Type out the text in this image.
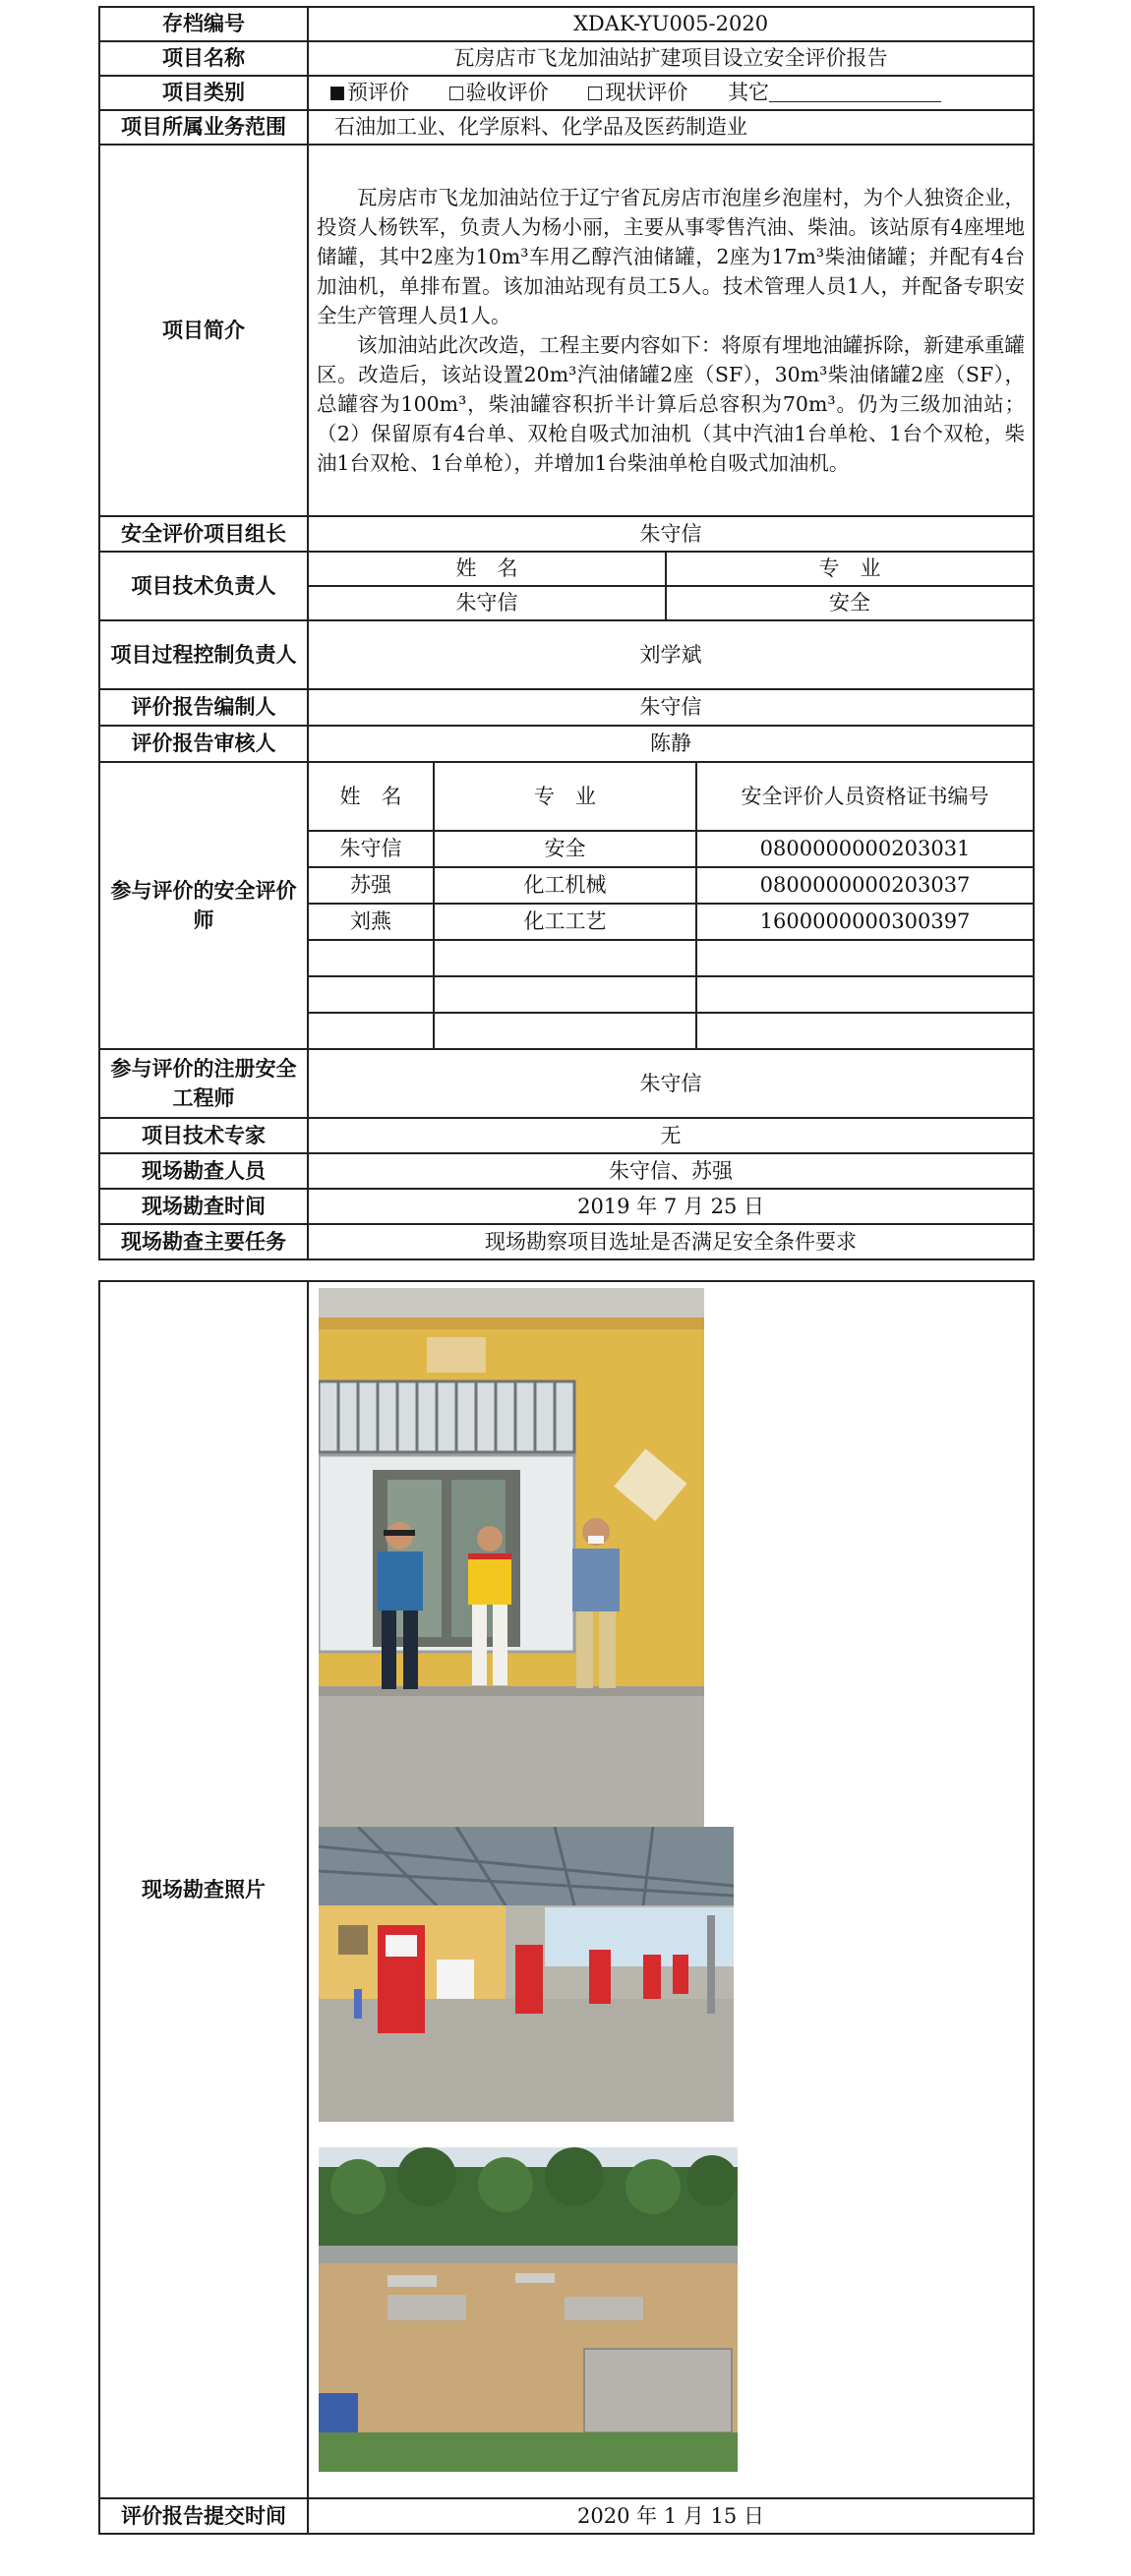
存档编号	XDAK-YU005-2020			
项目名称	瓦房店市飞龙加油站扩建项目设立安全评价报告			
项目类别	预评价 验收评价 现状评价 其它			
项目所属业务范围	石油加工业、化学原料、化学品及医药制造业			
项目简介	瓦房店市飞龙加油站位于辽宁省瓦房店市泡崖乡泡崖村，为个人独资企业，投资人杨铁军，负责人为杨小丽，主要从事零售汽油、柴油。该站原有4座埋地储罐，其中2座为10m³车用乙醇汽油储罐，2座为17m³柴油储罐；并配有4台加油机，单排布置。该加油站现有员工5人。技术管理人员1人，并配备专职安全生产管理人员1人。

该加油站此次改造，工程主要内容如下：将原有埋地油罐拆除，新建承重罐区。改造后，该站设置20m³汽油储罐2座（SF），30m³柴油储罐2座（SF），总罐容为100m³，柴油罐容积折半计算后总容积为70m³。仍为三级加油站；（2）保留原有4台单、双枪自吸式加油机（其中汽油1台单枪、1台个双枪，柴油1台双枪、1台单枪），并增加1台柴油单枪自吸式加油机。			

安全评价项目组长	朱守信			
项目技术负责人	姓　名		专　业	
	朱守信		安全	
项目过程控制负责人	刘学斌			
评价报告编制人	朱守信			
评价报告审核人	陈静			
参与评价的安全评价师	姓　名	专　业		安全评价人员资格证书编号
	朱守信	安全		0800000000203031
	苏强	化工机械		0800000000203037
	刘燕	化工工艺		1600000000300397

参与评价的注册安全工程师	朱守信			
项目技术专家	无			
现场勘查人员	朱守信、苏强			
现场勘查时间	2019 年 7 月 25 日			
现场勘查主要任务	现场勘察项目选址是否满足安全条件要求			
现场勘查照片	
评价报告提交时间	2020 年 1 月 15 日
